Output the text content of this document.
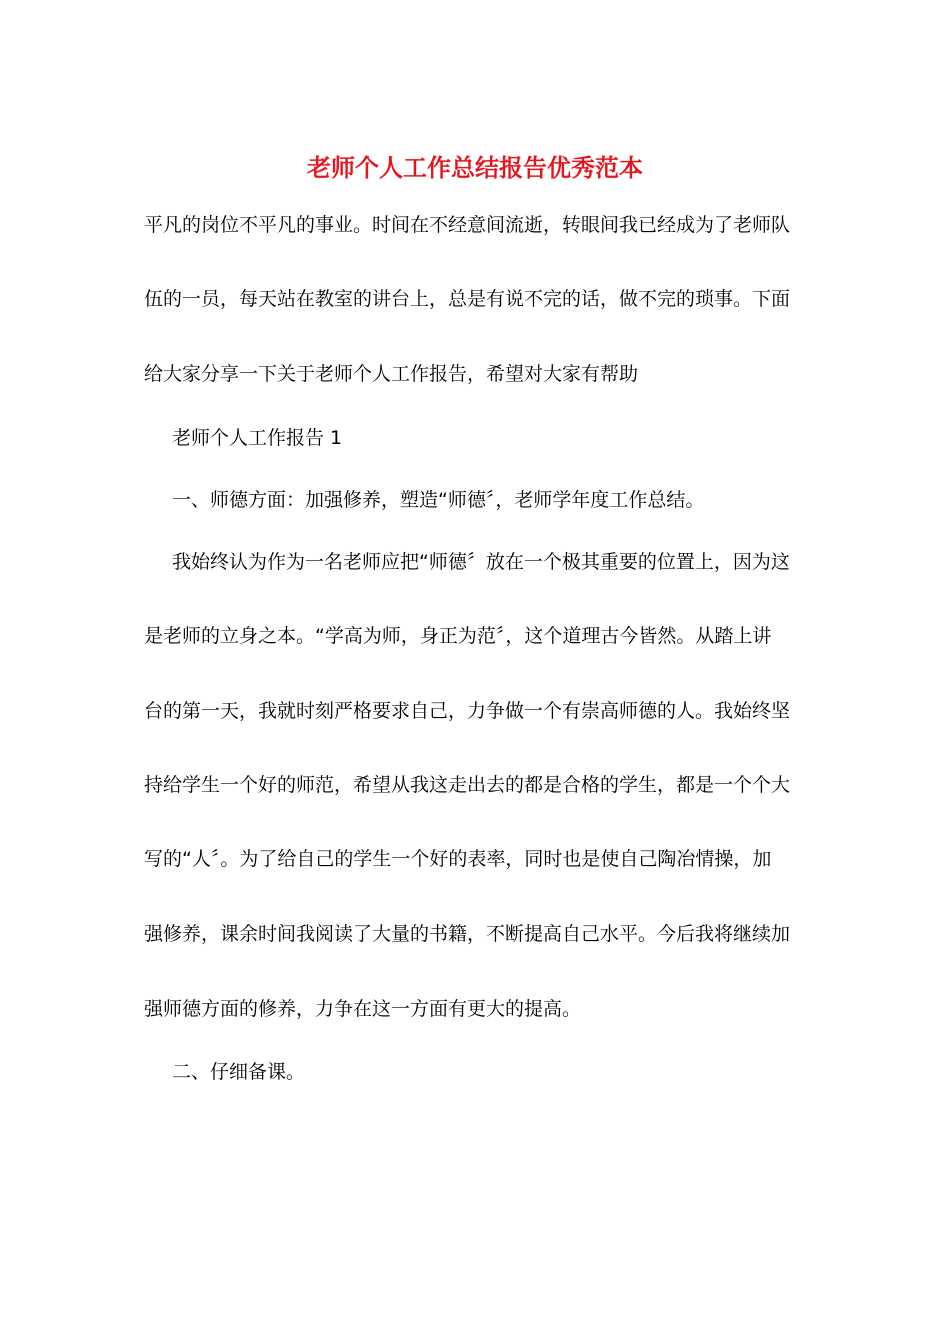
老师个人工作总结报告优秀范本

平凡的岗位不平凡的事业。时间在不经意间流逝，转眼间我已经成为了老师队

伍的一员，每天站在教室的讲台上，总是有说不完的话，做不完的琐事。下面

给大家分享一下关于老师个人工作报告，希望对大家有帮助

老师个人工作报告 1

一、师德方面：加强修养，塑造“师德〞，老师学年度工作总结。

我始终认为作为一名老师应把“师德〞放在一个极其重要的位置上，因为这

是老师的立身之本。“学高为师，身正为范〞，这个道理古今皆然。从踏上讲

台的第一天，我就时刻严格要求自己，力争做一个有崇高师德的人。我始终坚

持给学生一个好的师范，希望从我这走出去的都是合格的学生，都是一个个大

写的“人〞。为了给自己的学生一个好的表率，同时也是使自己陶冶情操，加

强修养，课余时间我阅读了大量的书籍，不断提高自己水平。今后我将继续加

强师德方面的修养，力争在这一方面有更大的提高。

二、仔细备课。
